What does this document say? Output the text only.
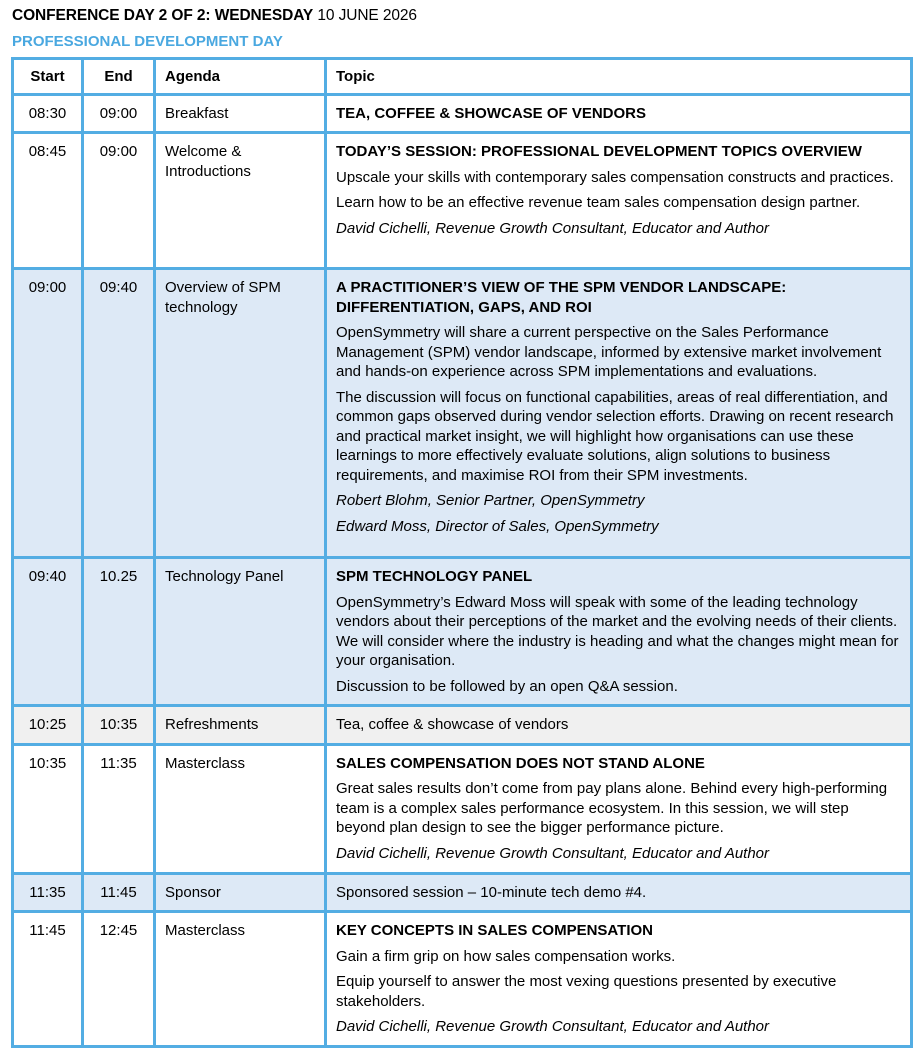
CONFERENCE DAY 2 OF 2: WEDNESDAY 10 JUNE 2026
PROFESSIONAL DEVELOPMENT DAY
Start	End	Agenda	Topic
08:30	09:00	Breakfast	TEA, COFFEE & SHOWCASE OF VENDORS

08:45	09:00	Welcome & Introductions	TODAY’S SESSION: PROFESSIONAL DEVELOPMENT TOPICS OVERVIEW

Upscale your skills with contemporary sales compensation constructs and practices.

Learn how to be an effective revenue team sales compensation design partner.

David Cichelli, Revenue Growth Consultant, Educator and Author

09:00	09:40	Overview of SPM technology	A PRACTITIONER’S VIEW OF THE SPM VENDOR LANDSCAPE: DIFFERENTIATION, GAPS, AND ROI

OpenSymmetry will share a current perspective on the Sales Performance Management (SPM) vendor landscape, informed by extensive market involvement and hands-on experience across SPM implementations and evaluations.

The discussion will focus on functional capabilities, areas of real differentiation, and common gaps observed during vendor selection efforts. Drawing on recent research and practical market insight, we will highlight how organisations can use these learnings to more effectively evaluate solutions, align solutions to business requirements, and maximise ROI from their SPM investments.

Robert Blohm, Senior Partner, OpenSymmetry

Edward Moss, Director of Sales, OpenSymmetry

09:40	10.25	Technology Panel	SPM TECHNOLOGY PANEL

OpenSymmetry’s Edward Moss will speak with some of the leading technology vendors about their perceptions of the market and the evolving needs of their clients. We will consider where the industry is heading and what the changes might mean for your organisation.

Discussion to be followed by an open Q&A session.

10:25	10:35	Refreshments	Tea, coffee & showcase of vendors

10:35	11:35	Masterclass	SALES COMPENSATION DOES NOT STAND ALONE

Great sales results don’t come from pay plans alone. Behind every high-performing team is a complex sales performance ecosystem. In this session, we will step beyond plan design to see the bigger performance picture.

David Cichelli, Revenue Growth Consultant, Educator and Author

11:35	11:45	Sponsor	Sponsored session – 10-minute tech demo #4.

11:45	12:45	Masterclass	KEY CONCEPTS IN SALES COMPENSATION

Gain a firm grip on how sales compensation works.

Equip yourself to answer the most vexing questions presented by executive stakeholders.

David Cichelli, Revenue Growth Consultant, Educator and Author
